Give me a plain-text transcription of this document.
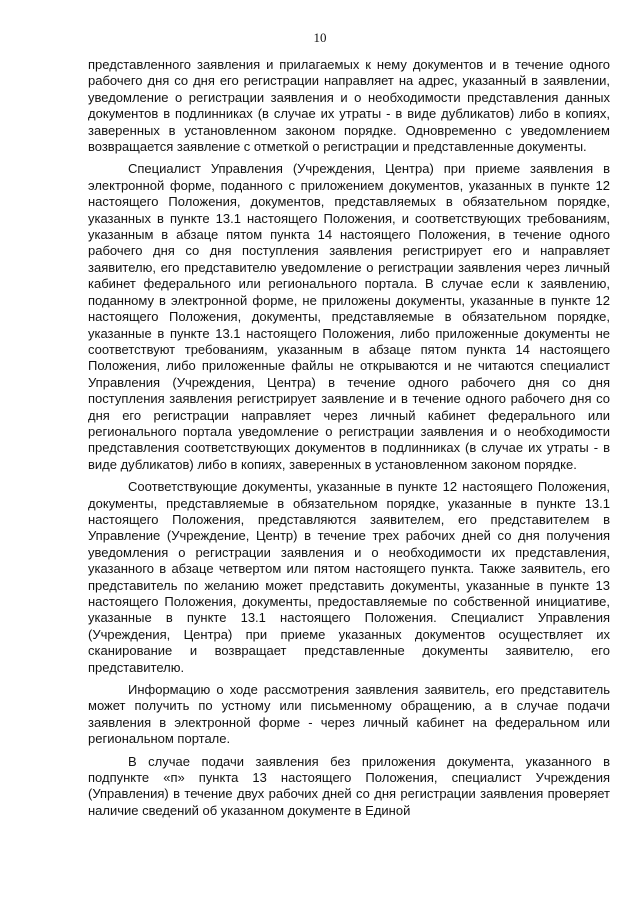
10

представленного заявления и прилагаемых к нему документов и в течение одного рабочего дня со дня его регистрации направляет на адрес, указанный в заявлении, уведомление о регистрации заявления и о необходимости представления данных документов в подлинниках (в случае их утраты - в виде дубликатов) либо в копиях, заверенных в установленном законом порядке. Одновременно с уведомлением возвращается заявление с отметкой о регистрации и представленные документы.

Специалист Управления (Учреждения, Центра) при приеме заявления в электронной форме, поданного с приложением документов, указанных в пункте 12 настоящего Положения, документов, представляемых в обязательном порядке, указанных в пункте 13.1 настоящего Положения, и соответствующих требованиям, указанным в абзаце пятом пункта 14 настоящего Положения, в течение одного рабочего дня со дня поступления заявления регистрирует его и направляет заявителю, его представителю уведомление о регистрации заявления через личный кабинет федерального или регионального портала. В случае если к заявлению, поданному в электронной форме, не приложены документы, указанные в пункте 12 настоящего Положения, документы, представляемые в обязательном порядке, указанные в пункте 13.1 настоящего Положения, либо приложенные документы не соответствуют требованиям, указанным в абзаце пятом пункта 14 настоящего Положения, либо приложенные файлы не открываются и не читаются специалист Управления (Учреждения, Центра) в течение одного рабочего дня со дня поступления заявления регистрирует заявление и в течение одного рабочего дня со дня его регистрации направляет через личный кабинет федерального или регионального портала уведомление о регистрации заявления и о необходимости представления соответствующих документов в подлинниках (в случае их утраты - в виде дубликатов) либо в копиях, заверенных в установленном законом порядке.

Соответствующие документы, указанные в пункте 12 настоящего Положения, документы, представляемые в обязательном порядке, указанные в пункте 13.1 настоящего Положения, представляются заявителем, его представителем в Управление (Учреждение, Центр) в течение трех рабочих дней со дня получения уведомления о регистрации заявления и о необходимости их представления, указанного в абзаце четвертом или пятом настоящего пункта. Также заявитель, его представитель по желанию может представить документы, указанные в пункте 13 настоящего Положения, документы, предоставляемые по собственной инициативе, указанные в пункте 13.1 настоящего Положения. Специалист Управления (Учреждения, Центра) при приеме указанных документов осуществляет их сканирование и возвращает представленные документы заявителю, его представителю.

Информацию о ходе рассмотрения заявления заявитель, его представитель может получить по устному или письменному обращению, а в случае подачи заявления в электронной форме - через личный кабинет на федеральном или региональном портале.

В случае подачи заявления без приложения документа, указанного в подпункте «п» пункта 13 настоящего Положения, специалист Учреждения (Управления) в течение двух рабочих дней со дня регистрации заявления проверяет наличие сведений об указанном документе в Единой
